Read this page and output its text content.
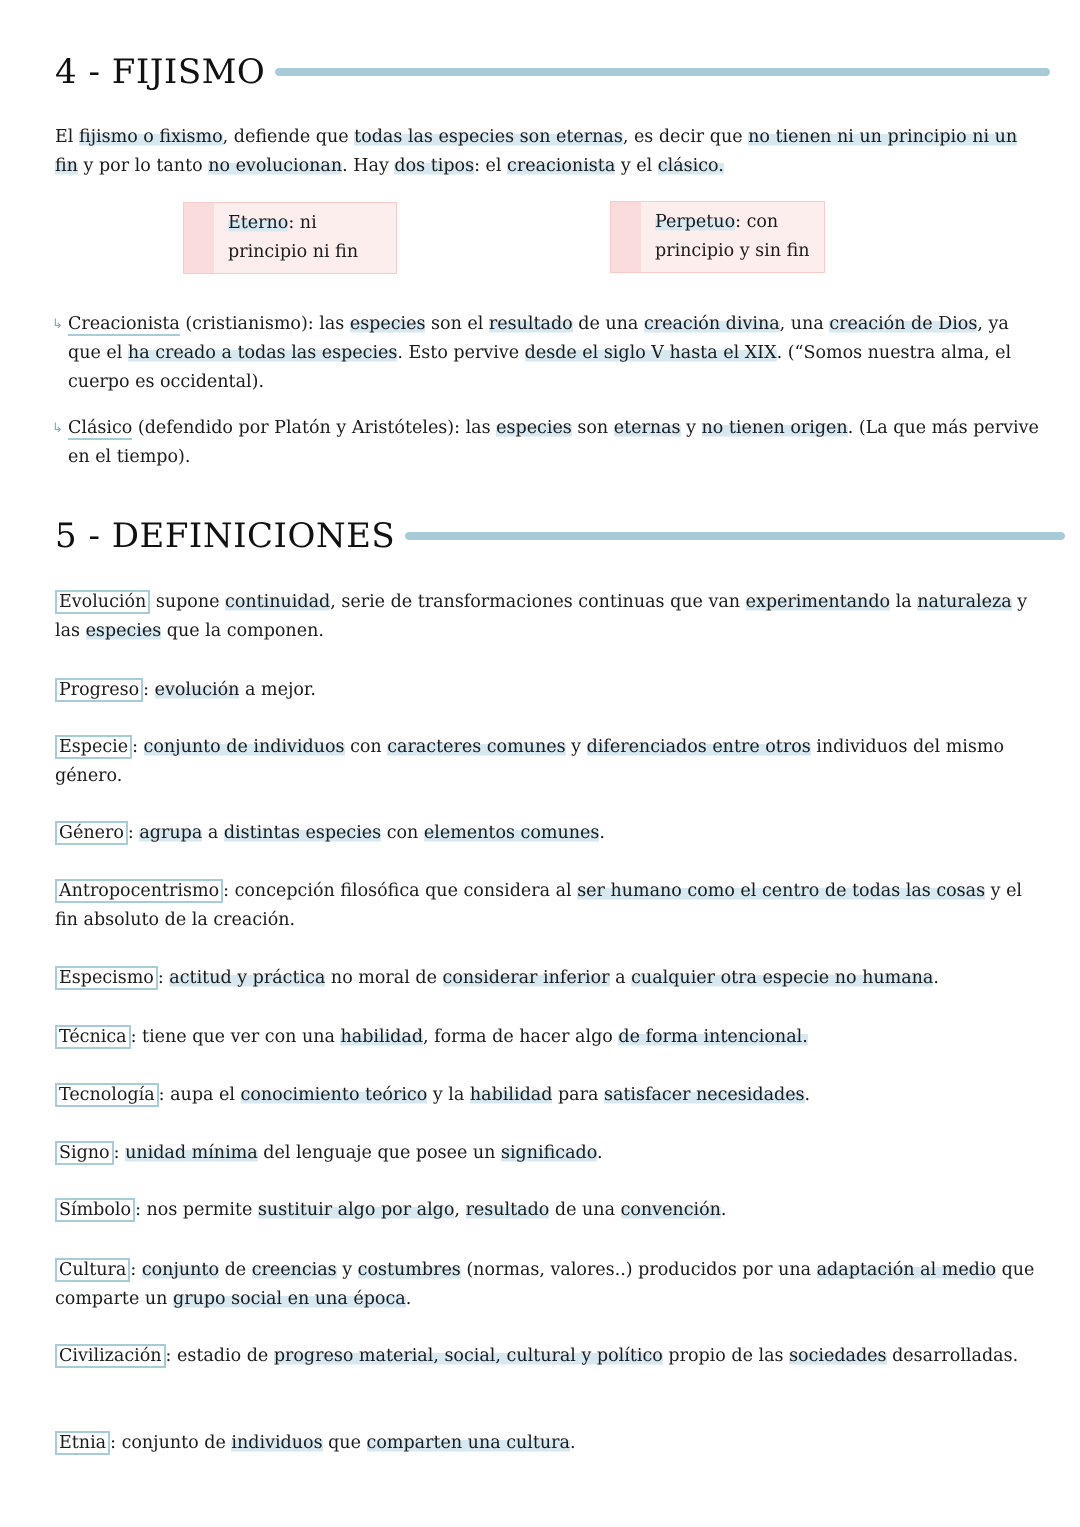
4 - FIJISMO
El fijismo o fixismo, defiende que todas las especies son eternas, es decir que no tienen ni un principio ni un fin y por lo tanto no evolucionan. Hay dos tipos: el creacionista y el clásico.
Eterno: ni
principio ni fin
Perpetuo: con
principio y sin fin
↳ Creacionista (cristianismo): las especies son el resultado de una creación divina, una creación de Dios, ya que el ha creado a todas las especies. Esto pervive desde el siglo V hasta el XIX. (“Somos nuestra alma, el cuerpo es occidental).
↳ Clásico (defendido por Platón y Aristóteles): las especies son eternas y no tienen origen. (La que más pervive en el tiempo).
5 - DEFINICIONES
Evolución supone continuidad, serie de transformaciones continuas que van experimentando la naturaleza y las especies que la componen.
Progreso : evolución a mejor.
Especie : conjunto de individuos con caracteres comunes y diferenciados entre otros individuos del mismo género.
Género : agrupa a distintas especies con elementos comunes.
Antropocentrismo : concepción filosófica que considera al ser humano como el centro de todas las cosas y el fin absoluto de la creación.
Especismo : actitud y práctica no moral de considerar inferior a cualquier otra especie no humana.
Técnica : tiene que ver con una habilidad, forma de hacer algo de forma intencional.
Tecnología : aupa el conocimiento teórico y la habilidad para satisfacer necesidades.
Signo : unidad mínima del lenguaje que posee un significado.
Símbolo : nos permite sustituir algo por algo, resultado de una convención.
Cultura : conjunto de creencias y costumbres (normas, valores..) producidos por una adaptación al medio que comparte un grupo social en una época.
Civilización : estadio de progreso material, social, cultural y político propio de las sociedades desarrolladas.
Etnia : conjunto de individuos que comparten una cultura.
